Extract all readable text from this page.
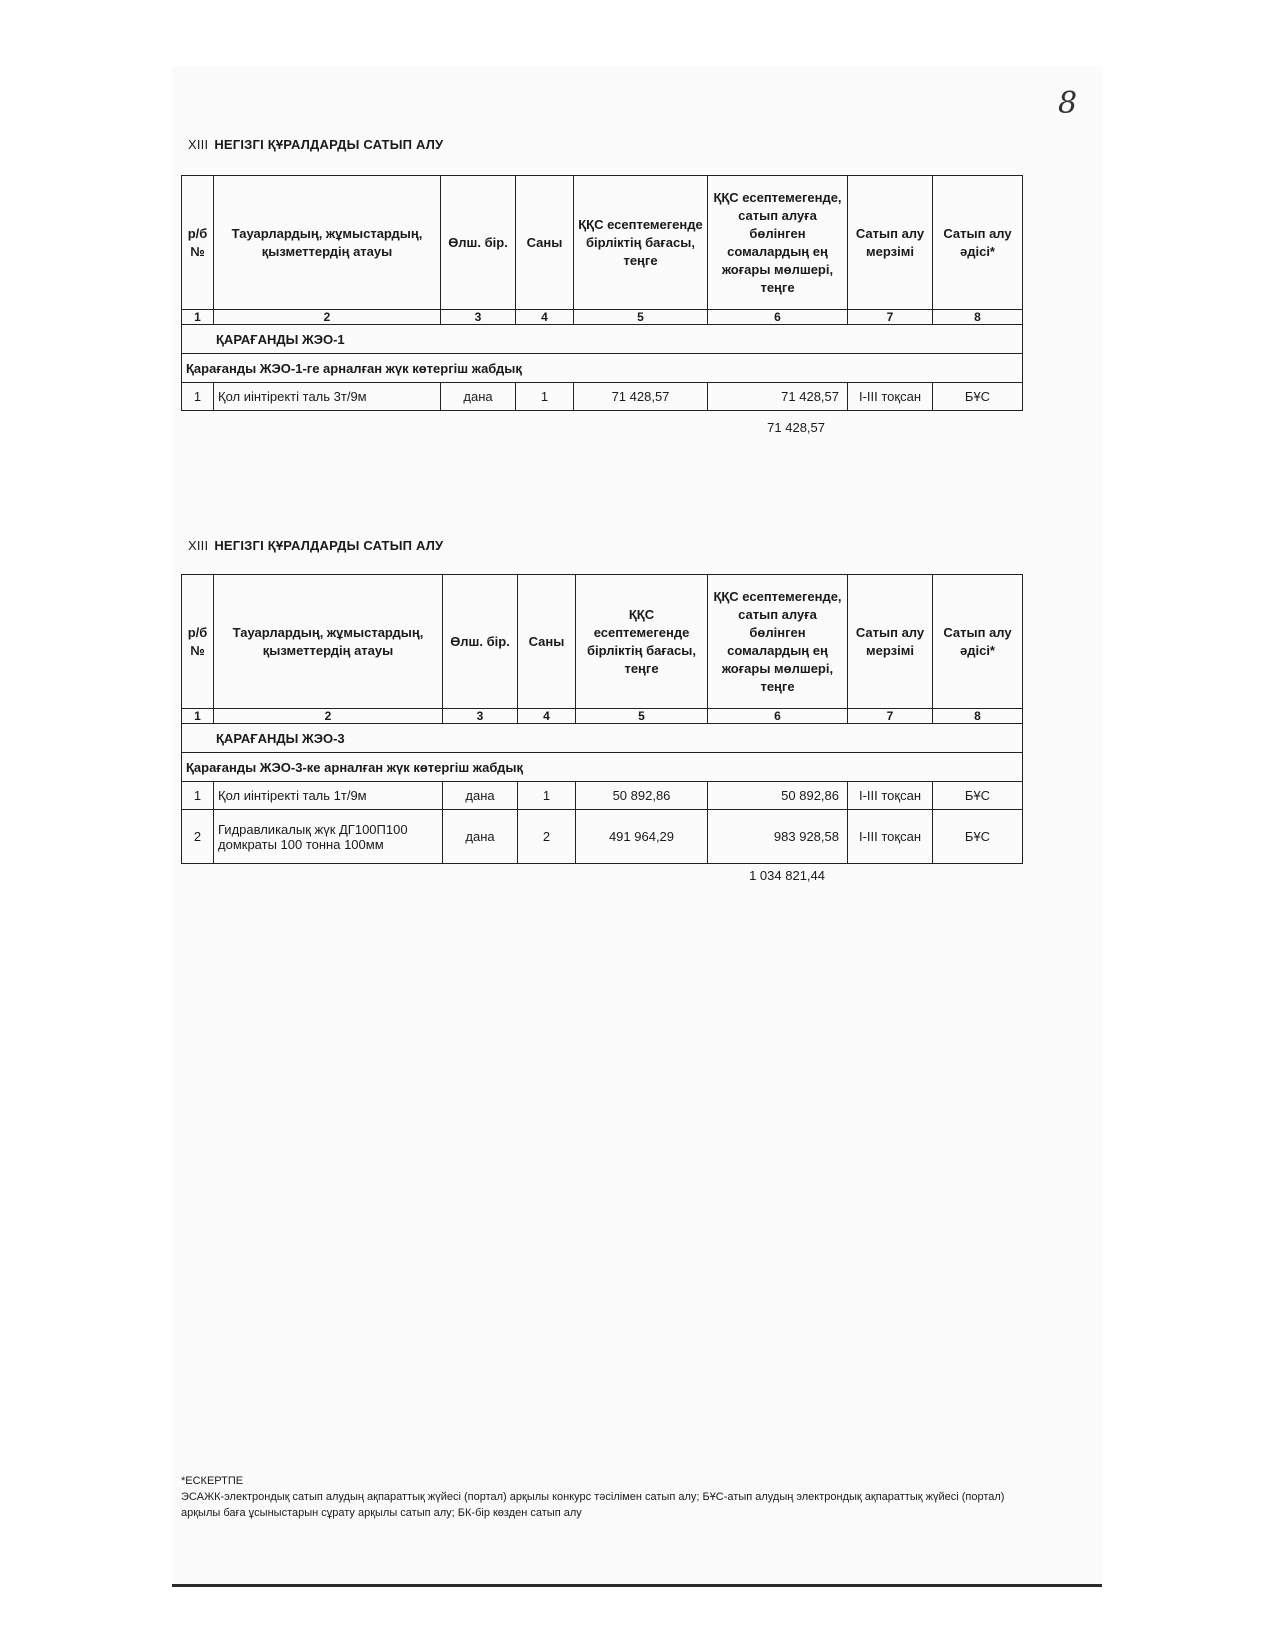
8
XIII НЕГІЗГІ ҚҰРАЛДАРДЫ САТЫП АЛУ
р/б №	Тауарлардың, жұмыстардың, қызметтердің атауы	Өлш. бір.	Саны	ҚҚС есептемегенде бірліктің бағасы, теңге	ҚҚС есептемегенде, сатып алуға бөлінген сомалардың ең жоғары мөлшері, теңге	Сатып алу мерзімі	Сатып алу әдісі*
1	2	3	4	5	6	7	8
ҚАРАҒАНДЫ ЖЭО-1							
Қарағанды ЖЭО-1-ге арналған жүк көтергіш жабдық							
1	Қол иінтіректі таль 3т/9м	дана	1	71 428,57	71 428,57	I-III тоқсан	БҰС
71 428,57
XIII НЕГІЗГІ ҚҰРАЛДАРДЫ САТЫП АЛУ
р/б №	Тауарлардың, жұмыстардың, қызметтердің атауы	Өлш. бір.	Саны	ҚҚС есептемегенде бірліктің бағасы, теңге	ҚҚС есептемегенде, сатып алуға бөлінген сомалардың ең жоғары мөлшері, теңге	Сатып алу мерзімі	Сатып алу әдісі*
1	2	3	4	5	6	7	8
ҚАРАҒАНДЫ ЖЭО-3							
Қарағанды ЖЭО-3-ке арналған жүк көтергіш жабдық							
1	Қол иінтіректі таль 1т/9м	дана	1	50 892,86	50 892,86	I-III тоқсан	БҰС
2	Гидравликалық жүк ДГ100П100 домкраты 100 тонна 100мм	дана	2	491 964,29	983 928,58	I-III тоқсан	БҰС
1 034 821,44
*ЕСКЕРТПЕ
ЭСАЖК-электрондық сатып алудың ақпараттық жүйесі (портал) арқылы конкурс тәсілімен сатып алу; БҰС-атып алудың электрондық ақпараттық жүйесі (портал) арқылы баға ұсыныстарын сұрату арқылы сатып алу; БК-бір көзден сатып алу
